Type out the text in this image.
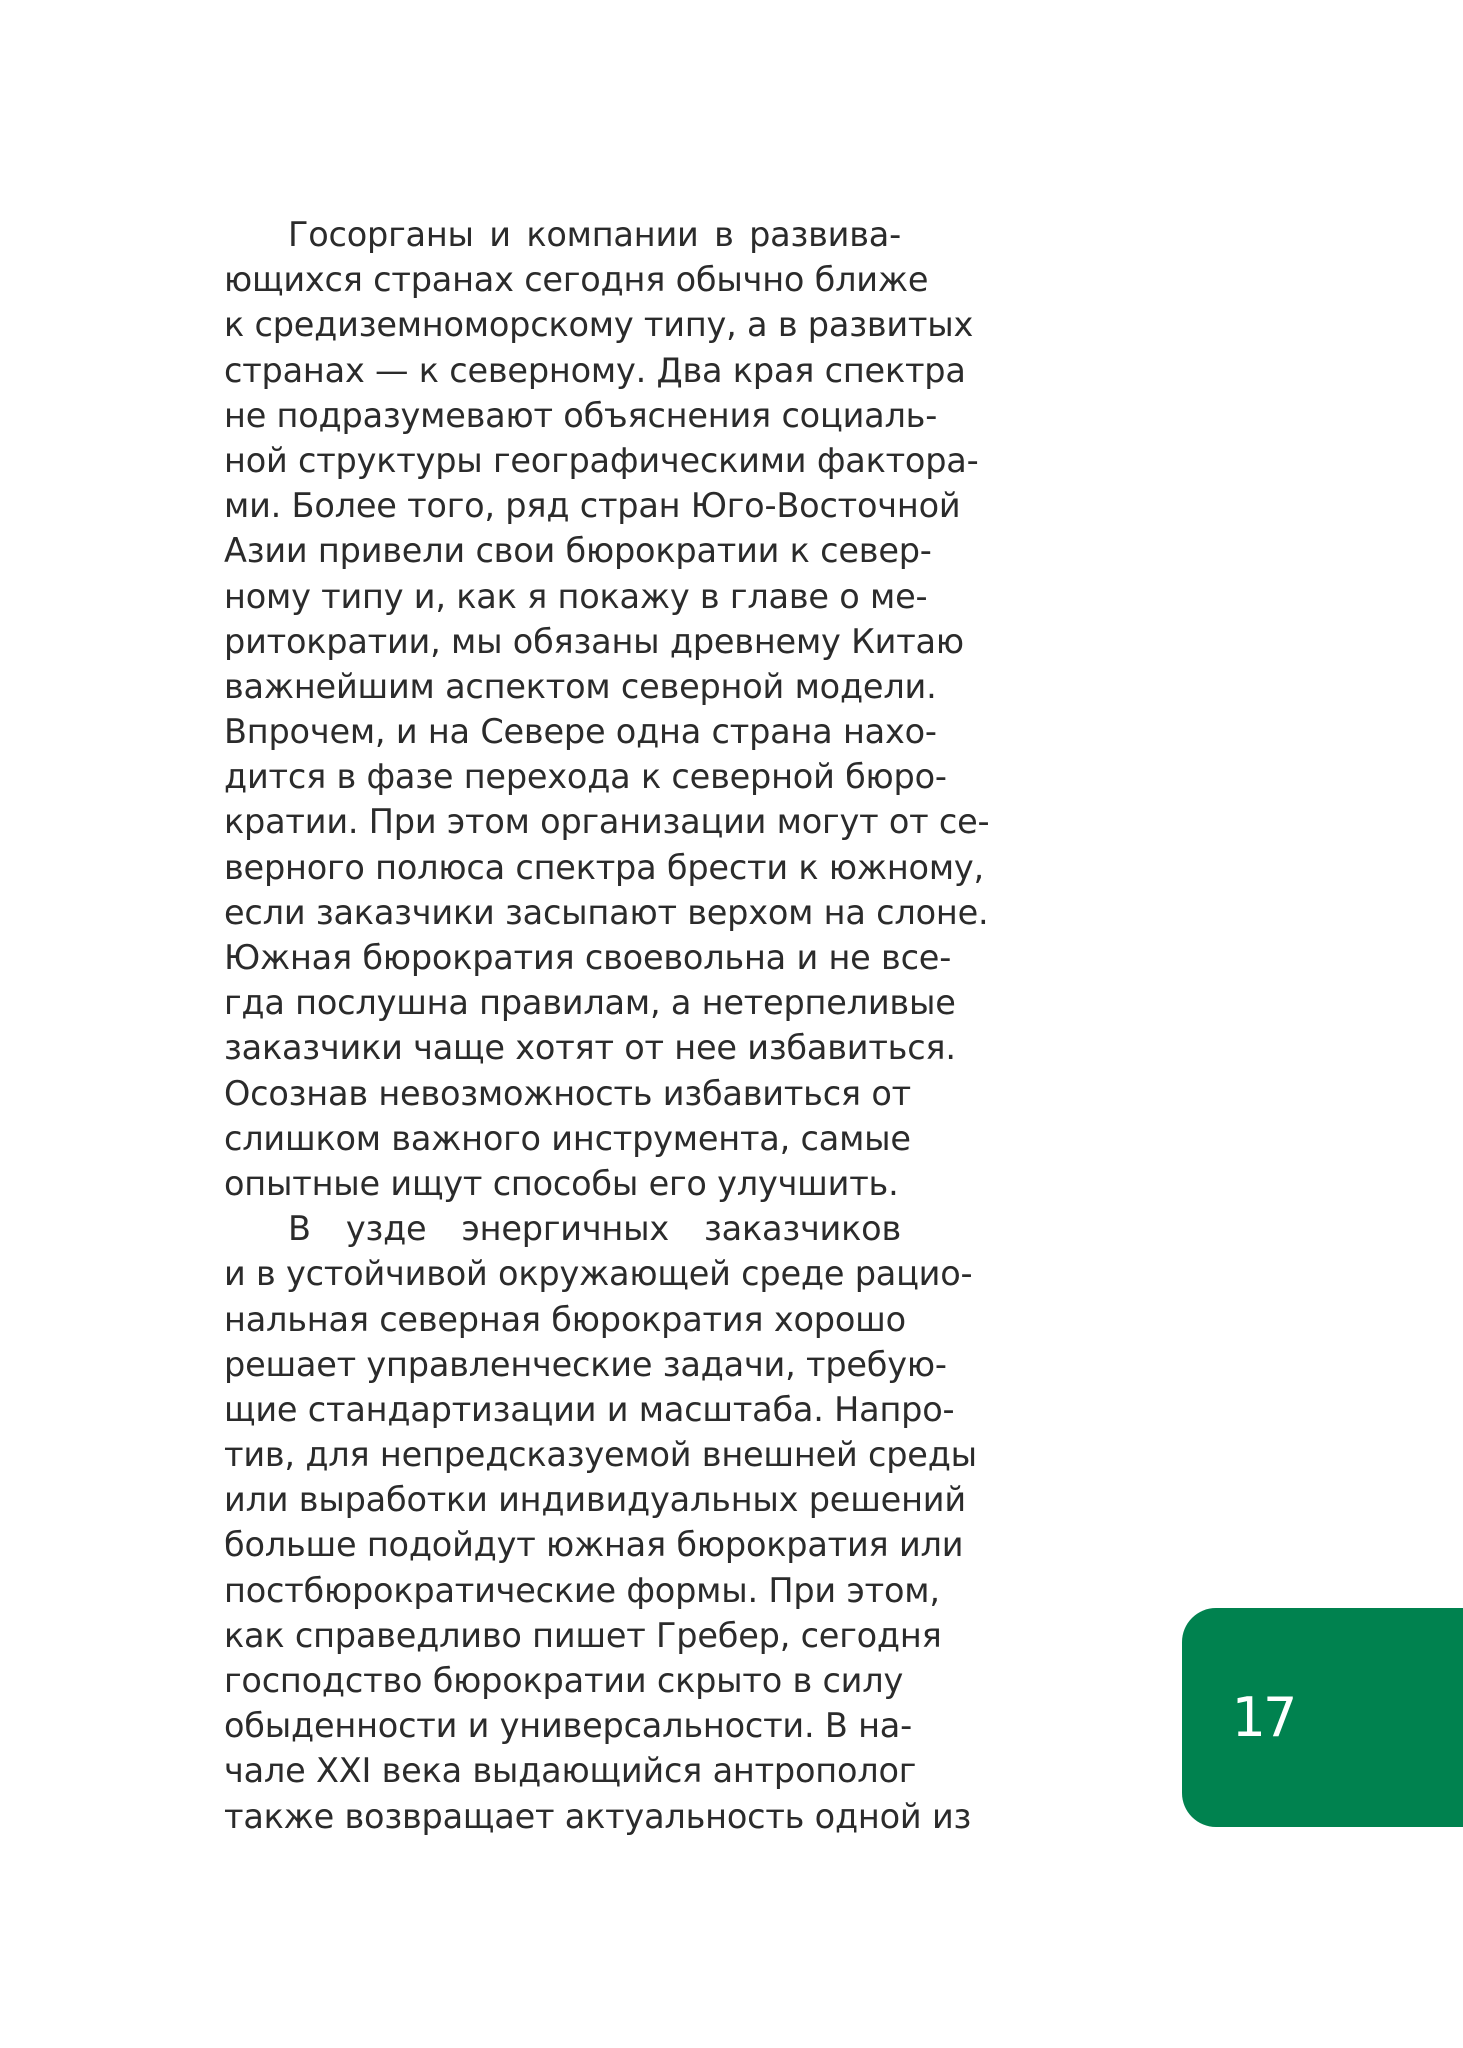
Госорганы и компании в развива-
ющихся странах сегодня обычно ближе
к средиземноморскому типу, а в развитых
странах — к северному. Два края спектра
не подразумевают объяснения социаль-
ной структуры географическими фактора-
ми. Более того, ряд стран Юго-Восточной
Азии привели свои бюрократии к север-
ному типу и, как я покажу в главе о ме-
ритократии, мы обязаны древнему Китаю
важнейшим аспектом северной модели.
Впрочем, и на Севере одна страна нахо-
дится в фазе перехода к северной бюро-
кратии. При этом организации могут от се-
верного полюса спектра брести к южному,
если заказчики засыпают верхом на слоне.
Южная бюрократия своевольна и не все-
гда послушна правилам, а нетерпеливые
заказчики чаще хотят от нее избавиться.
Осознав невозможность избавиться от
слишком важного инструмента, самые
опытные ищут способы его улучшить.
В узде энергичных заказчиков
и в устойчивой окружающей среде рацио-
нальная северная бюрократия хорошо
решает управленческие задачи, требую-
щие стандартизации и масштаба. Напро-
тив, для непредсказуемой внешней среды
или выработки индивидуальных решений
больше подойдут южная бюрократия или
постбюрократические формы. При этом,
как справедливо пишет Гребер, сегодня
господство бюрократии скрыто в силу
обыденности и универсальности. В на-
чале XXI века выдающийся антрополог
также возвращает актуальность одной из
17
